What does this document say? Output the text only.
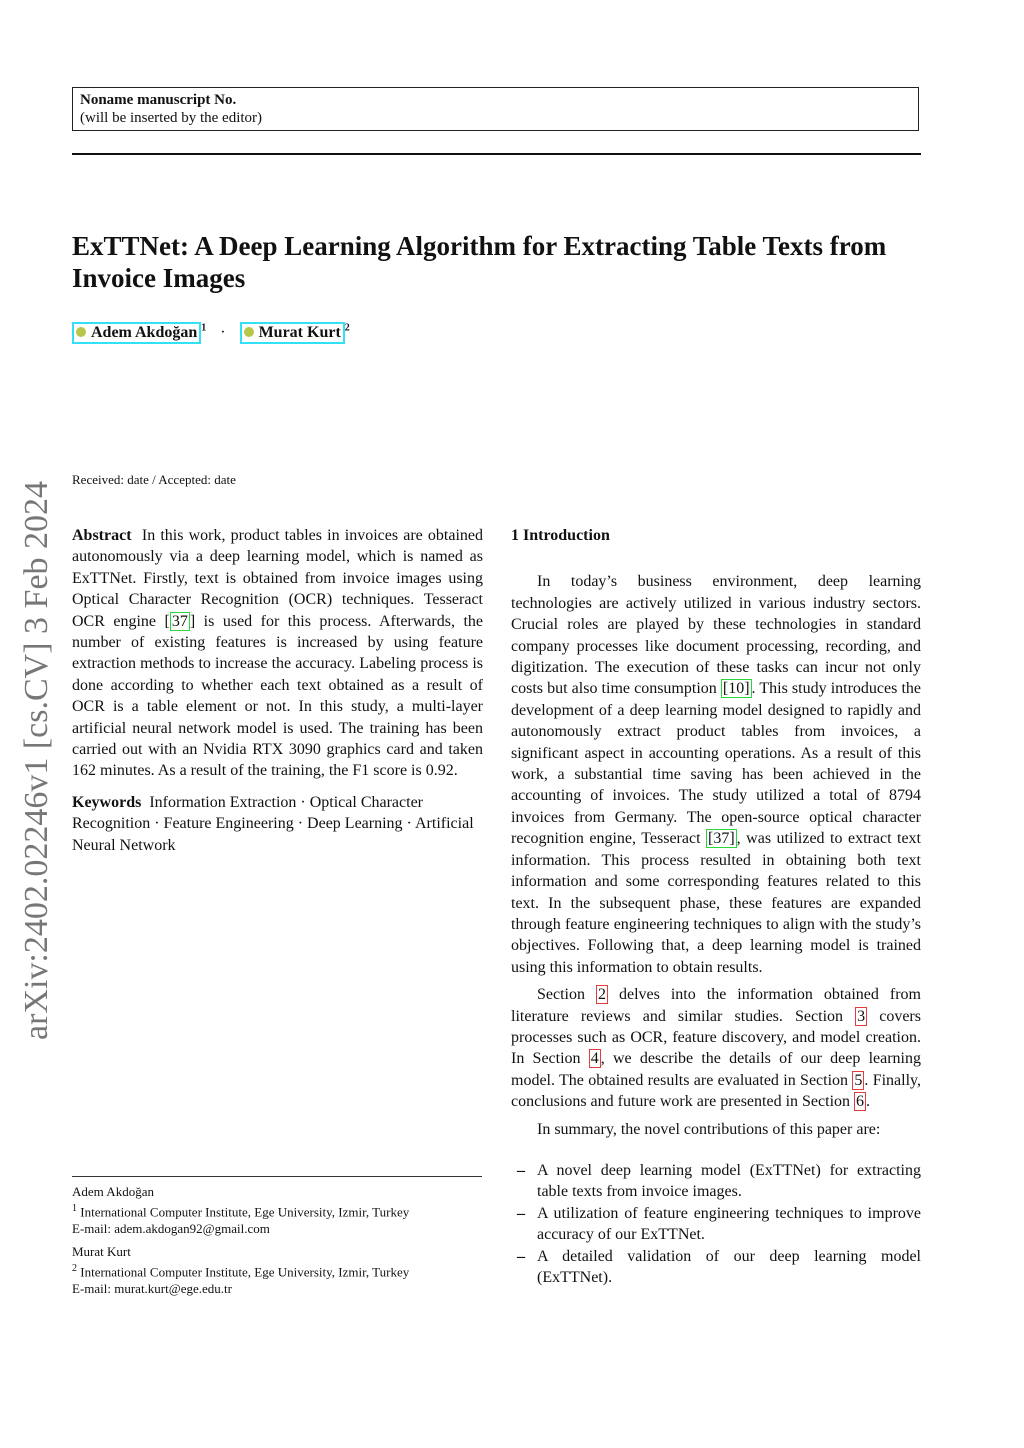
Noname manuscript No.
(will be inserted by the editor)
ExTTNet: A Deep Learning Algorithm for Extracting Table Texts from Invoice Images
Adem Akdoğan $^1$ · Murat Kurt $^2$
arXiv:2402.02246v1 [cs.CV] 3 Feb 2024
Received: date / Accepted: date

Abstract In this work, product tables in invoices are obtained autonomously via a deep learning model, which is named as ExTTNet. Firstly, text is obtained from invoice images using Optical Character Recognition (OCR) techniques. Tesseract OCR engine [ 37 ] is used for this process. Afterwards, the number of existing features is increased by using feature extraction methods to increase the accuracy. Labeling process is done according to whether each text obtained as a result of OCR is a table element or not. In this study, a multi-layer artificial neural network model is used. The training has been carried out with an Nvidia RTX 3090 graphics card and taken 162 minutes. As a result of the training, the F1 score is 0.92.

Keywords Information Extraction · Optical Character Recognition · Feature Engineering · Deep Learning · Artificial Neural Network

1 Introduction

In today’s business environment, deep learning technologies are actively utilized in various industry sectors. Crucial roles are played by these technologies in standard company processes like document processing, recording, and digitization. The execution of these tasks can incur not only costs but also time consumption [10] . This study introduces the development of a deep learning model designed to rapidly and autonomously extract product tables from invoices, a significant aspect in accounting operations. As a result of this work, a substantial time saving has been achieved in the accounting of invoices. The study utilized a total of 8794 invoices from Germany. The open-source optical character recognition engine, Tesseract [37] , was utilized to extract text information. This process resulted in obtaining both text information and some corresponding features related to this text. In the subsequent phase, these features are expanded through feature engineering techniques to align with the study’s objectives. Following that, a deep learning model is trained using this information to obtain results.

Section 2 delves into the information obtained from literature reviews and similar studies. Section 3 covers processes such as OCR, feature discovery, and model creation. In Section 4 , we describe the details of our deep learning model. The obtained results are evaluated in Section 5 . Finally, conclusions and future work are presented in Section 6 .

In summary, the novel contributions of this paper are:

– A novel deep learning model (ExTTNet) for extracting table texts from invoice images.
– A utilization of feature engineering techniques to improve accuracy of our ExTTNet.
– A detailed validation of our deep learning model (ExTTNet).
Adem Akdoğan
$^1$ International Computer Institute, Ege University, Izmir, Turkey
E-mail: adem.akdogan92@gmail.com
Murat Kurt
$^2$ International Computer Institute, Ege University, Izmir, Turkey
E-mail: murat.kurt@ege.edu.tr
